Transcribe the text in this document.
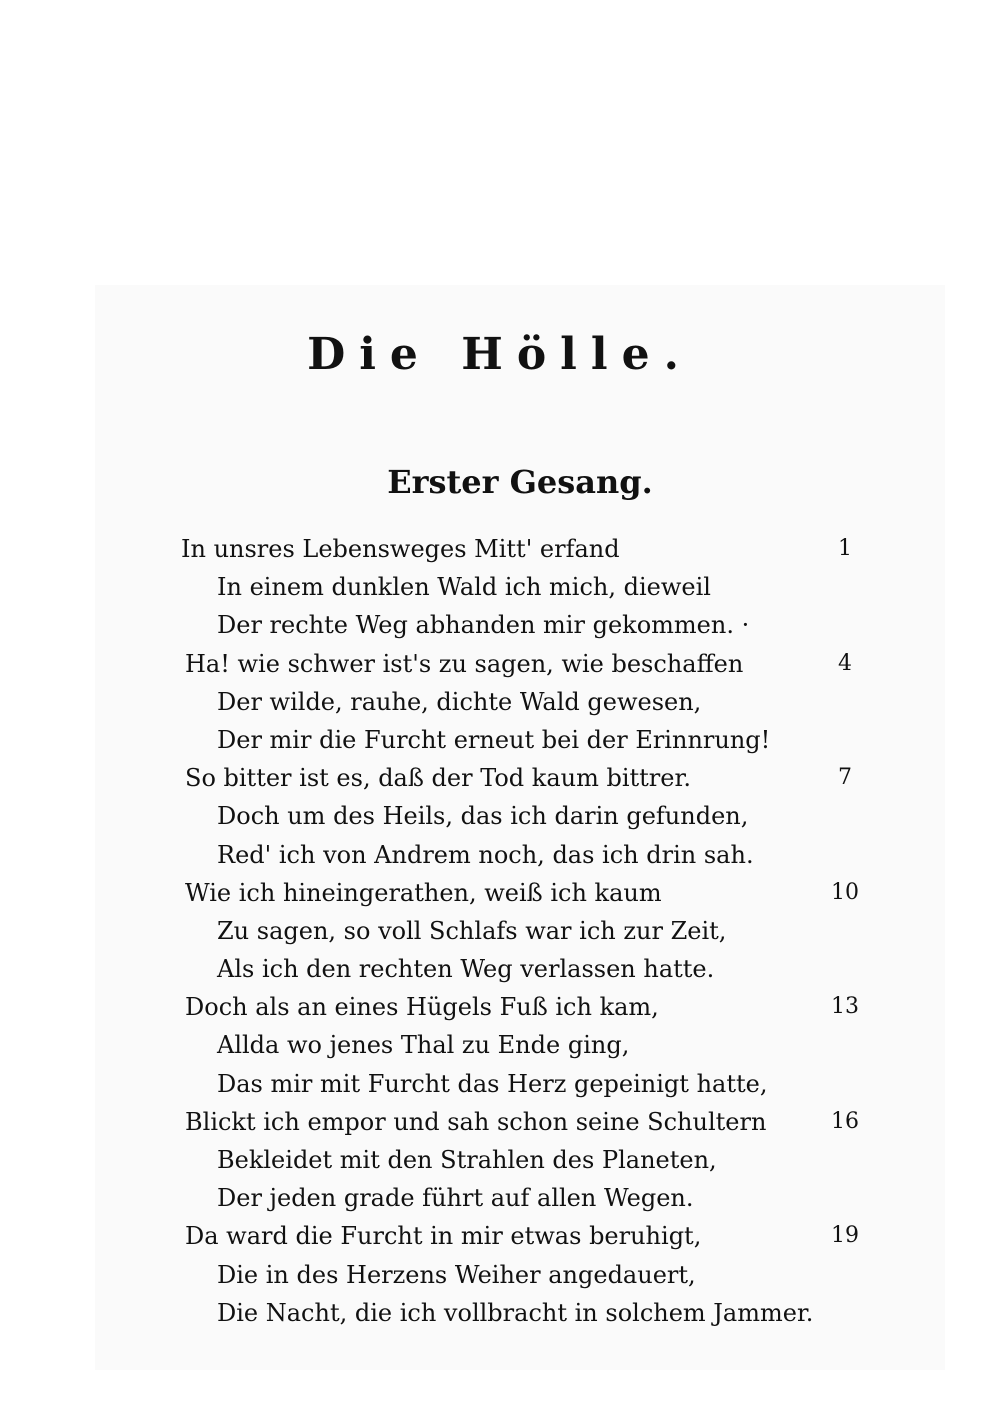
Die Hölle.
Erster Gesang.
In unsres Lebensweges Mitt' erfand	1
In einem dunklen Wald ich mich, dieweil
Der rechte Weg abhanden mir gekommen. ·
Ha! wie schwer ist's zu sagen, wie beschaffen	4
Der wilde, rauhe, dichte Wald gewesen,
Der mir die Furcht erneut bei der Erinnrung!
So bitter ist es, daß der Tod kaum bittrer.	7
Doch um des Heils, das ich darin gefunden,
Red' ich von Andrem noch, das ich drin sah.
Wie ich hineingerathen, weiß ich kaum	10
Zu sagen, so voll Schlafs war ich zur Zeit,
Als ich den rechten Weg verlassen hatte.
Doch als an eines Hügels Fuß ich kam,	13
Allda wo jenes Thal zu Ende ging,
Das mir mit Furcht das Herz gepeinigt hatte,
Blickt ich empor und sah schon seine Schultern	16
Bekleidet mit den Strahlen des Planeten,
Der jeden grade führt auf allen Wegen.
Da ward die Furcht in mir etwas beruhigt,	19
Die in des Herzens Weiher angedauert,
Die Nacht, die ich vollbracht in solchem Jammer.
